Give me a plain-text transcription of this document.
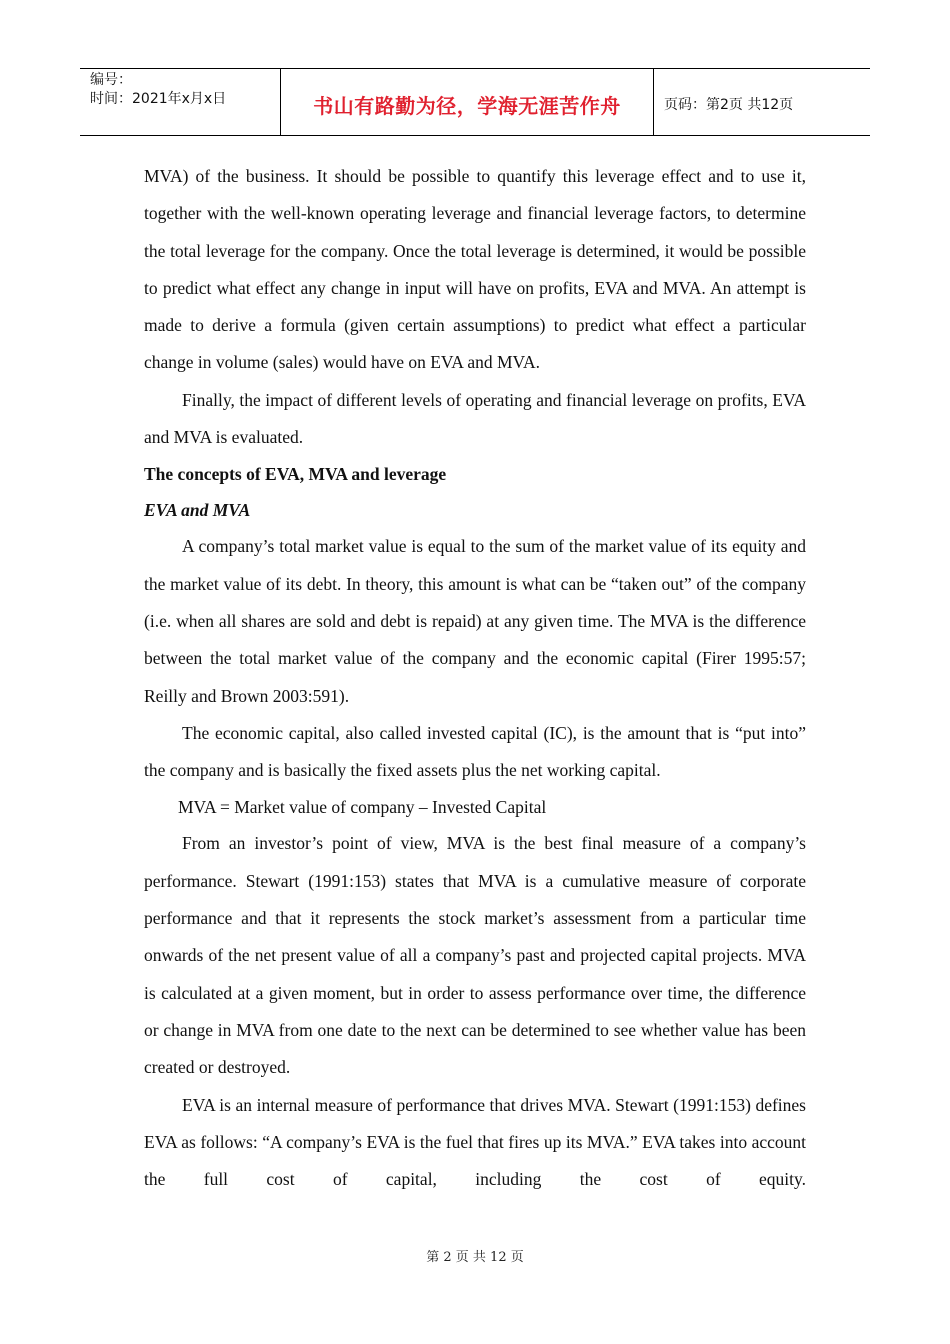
编号：
时间：2021年x月x日	书山有路勤为径，学海无涯苦作舟	页码：第2页 共12页

MVA) of the business. It should be possible to quantify this leverage effect and to use it, together with the well-known operating leverage and financial leverage factors, to determine the total leverage for the company. Once the total leverage is determined, it would be possible to predict what effect any change in input will have on profits, EVA and MVA. An attempt is made to derive a formula (given certain assumptions) to predict what effect a particular change in volume (sales) would have on EVA and MVA.

Finally, the impact of different levels of operating and financial leverage on profits, EVA and MVA is evaluated.

The concepts of EVA, MVA and leverage
EVA and MVA

A company’s total market value is equal to the sum of the market value of its equity and the market value of its debt. In theory, this amount is what can be “taken out” of the company (i.e. when all shares are sold and debt is repaid) at any given time. The MVA is the difference between the total market value of the company and the economic capital (Firer 1995:57; Reilly and Brown 2003:591).

The economic capital, also called invested capital (IC), is the amount that is “put into” the company and is basically the fixed assets plus the net working capital.

MVA = Market value of company – Invested Capital

From an investor’s point of view, MVA is the best final measure of a company’s performance. Stewart (1991:153) states that MVA is a cumulative measure of corporate performance and that it represents the stock market’s assessment from a particular time onwards of the net present value of all a company’s past and projected capital projects. MVA is calculated at a given moment, but in order to assess performance over time, the difference or change in MVA from one date to the next can be determined to see whether value has been created or destroyed.

EVA is an internal measure of performance that drives MVA. Stewart (1991:153) defines EVA as follows: “A company’s EVA is the fuel that fires up its MVA.” EVA takes into account the full cost of capital, including the cost of equity.

第 2 页 共 12 页
